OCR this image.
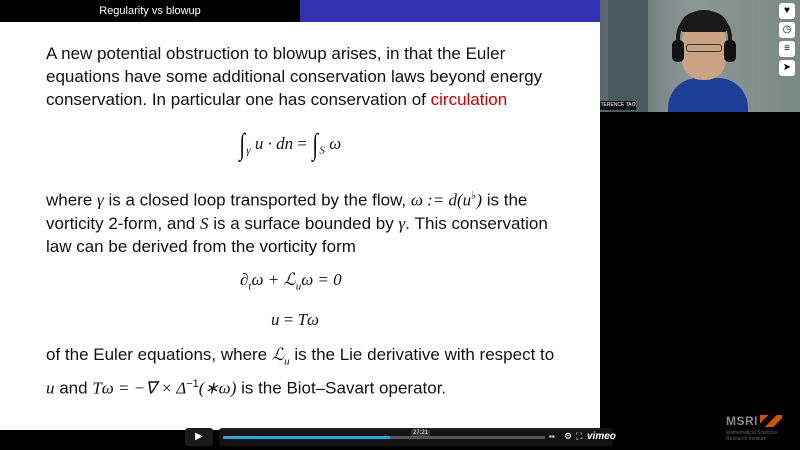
Regularity vs blowup
A new potential obstruction to blowup arises, in that the Euler equations have some additional conservation laws beyond energy conservation. In particular one has conservation of circulation
$\int_\gamma$ u · dn = $\int_S$ ω
where γ is a closed loop transported by the flow, ω := d(u♭) is the vorticity 2-form, and S is a surface bounded by γ. This conservation law can be derived from the vorticity form
$\partial_t\omega$ + ℒ$_u$ω = 0
u = Tω
of the Euler equations, where ℒ$_u$ is the Lie derivative with respect to u and Tω = −∇ × $\Delta^{-1}(∗\omega)$ is the Biot–Savart operator.
TERENCE TAO
♥
◷
≡
➤
MSRI
Mathematical Sciences
Research Institute
▶	27:21	▪▪ ⚙ ⛶ vimeo
